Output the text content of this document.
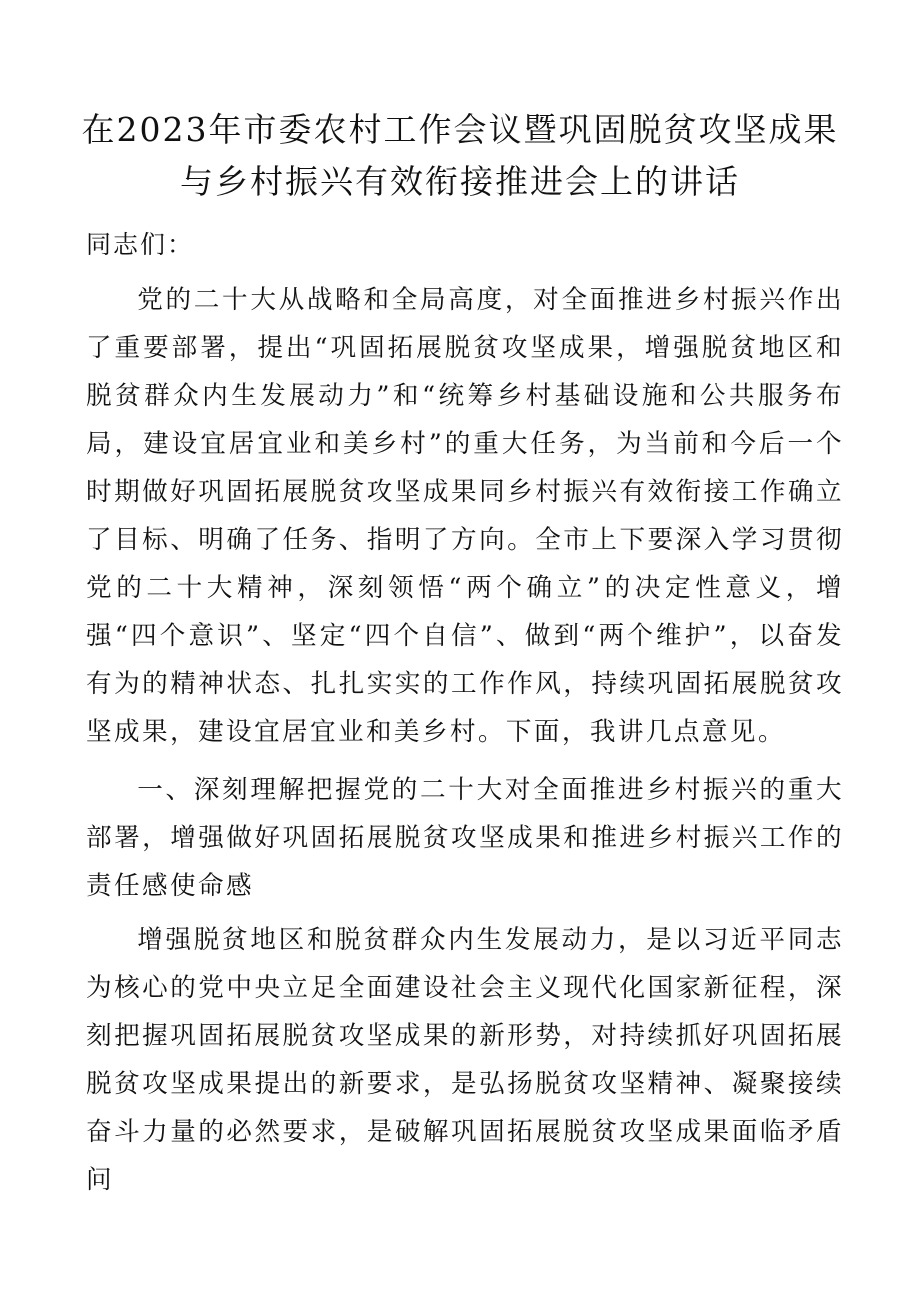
在2023年市委农村工作会议暨巩固脱贫攻坚成果
与乡村振兴有效衔接推进会上的讲话

同志们：

党的二十大从战略和全局高度，对全面推进乡村振兴作出了重要部署，提出“巩固拓展脱贫攻坚成果，增强脱贫地区和脱贫群众内生发展动力”和“统筹乡村基础设施和公共服务布局，建设宜居宜业和美乡村”的重大任务，为当前和今后一个时期做好巩固拓展脱贫攻坚成果同乡村振兴有效衔接工作确立了目标、明确了任务、指明了方向。全市上下要深入学习贯彻党的二十大精神，深刻领悟“两个确立”的决定性意义，增强“四个意识”、坚定“四个自信”、做到“两个维护”，以奋发有为的精神状态、扎扎实实的工作作风，持续巩固拓展脱贫攻坚成果，建设宜居宜业和美乡村。下面，我讲几点意见。

一、深刻理解把握党的二十大对全面推进乡村振兴的重大部署，增强做好巩固拓展脱贫攻坚成果和推进乡村振兴工作的责任感使命感

增强脱贫地区和脱贫群众内生发展动力，是以习近平同志为核心的党中央立足全面建设社会主义现代化国家新征程，深刻把握巩固拓展脱贫攻坚成果的新形势，对持续抓好巩固拓展脱贫攻坚成果提出的新要求，是弘扬脱贫攻坚精神、凝聚接续奋斗力量的必然要求，是破解巩固拓展脱贫攻坚成果面临矛盾问
